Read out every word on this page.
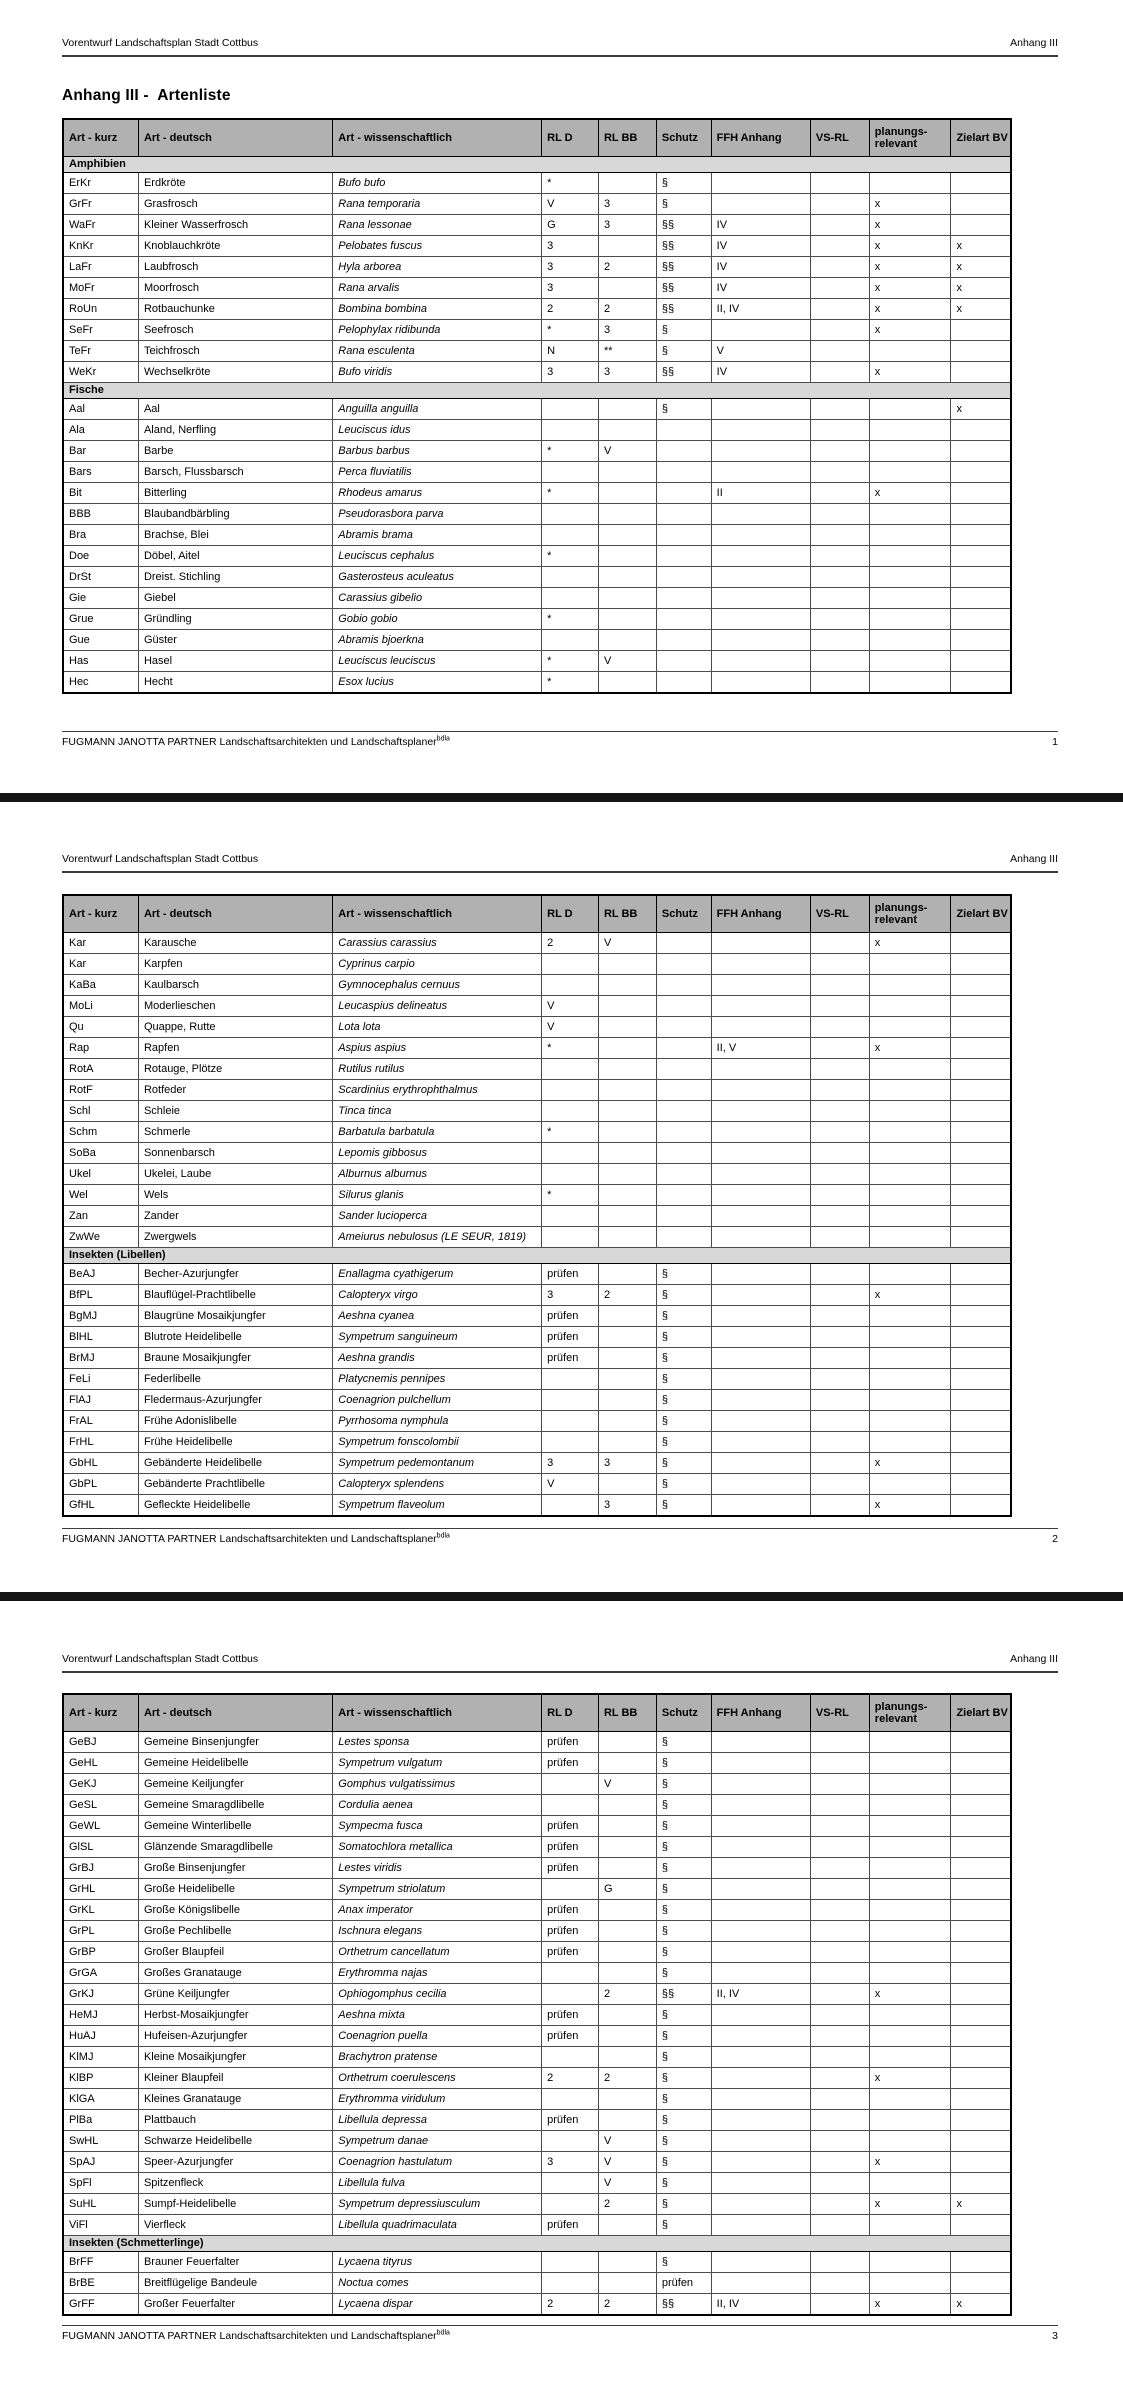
Vorentwurf Landschaftsplan Stadt Cottbus	Anhang III
Anhang III -  Artenliste
Art - kurz	Art - deutsch	Art - wissenschaftlich	RL D	RL BB	Schutz	FFH Anhang	VS-RL	planungs-relevant	Zielart BV
Amphibien									
ErKr	Erdkröte	Bufo bufo	*		§				
GrFr	Grasfrosch	Rana temporaria	V	3	§			x	
WaFr	Kleiner Wasserfrosch	Rana lessonae	G	3	§§	IV		x	
KnKr	Knoblauchkröte	Pelobates fuscus	3		§§	IV		x	x
LaFr	Laubfrosch	Hyla arborea	3	2	§§	IV		x	x
MoFr	Moorfrosch	Rana arvalis	3		§§	IV		x	x
RoUn	Rotbauchunke	Bombina bombina	2	2	§§	II, IV		x	x
SeFr	Seefrosch	Pelophylax ridibunda	*	3	§			x	
TeFr	Teichfrosch	Rana esculenta	N	**	§	V			
WeKr	Wechselkröte	Bufo viridis	3	3	§§	IV		x	
Fische									
Aal	Aal	Anguilla anguilla			§				x
Ala	Aland, Nerfling	Leuciscus idus							
Bar	Barbe	Barbus barbus	*	V					
Bars	Barsch, Flussbarsch	Perca fluviatilis							
Bit	Bitterling	Rhodeus amarus	*			II		x	
BBB	Blaubandbärbling	Pseudorasbora parva							
Bra	Brachse, Blei	Abramis brama							
Doe	Döbel, Aitel	Leuciscus cephalus	*						
DrSt	Dreist. Stichling	Gasterosteus aculeatus							
Gie	Giebel	Carassius gibelio							
Grue	Gründling	Gobio gobio	*						
Gue	Güster	Abramis bjoerkna							
Has	Hasel	Leuciscus leuciscus	*	V					
Hec	Hecht	Esox lucius	*						
FUGMANN JANOTTA PARTNER Landschaftsarchitekten und Landschaftsplaner$^{bdla}$	1
Vorentwurf Landschaftsplan Stadt Cottbus	Anhang III
Art - kurz	Art - deutsch	Art - wissenschaftlich	RL D	RL BB	Schutz	FFH Anhang	VS-RL	planungs-relevant	Zielart BV
Kar	Karausche	Carassius carassius	2	V				x	
Kar	Karpfen	Cyprinus carpio							
KaBa	Kaulbarsch	Gymnocephalus cernuus							
MoLi	Moderlieschen	Leucaspius delineatus	V						
Qu	Quappe, Rutte	Lota lota	V						
Rap	Rapfen	Aspius aspius	*			II, V		x	
RotA	Rotauge, Plötze	Rutilus rutilus							
RotF	Rotfeder	Scardinius erythrophthalmus							
Schl	Schleie	Tinca tinca							
Schm	Schmerle	Barbatula barbatula	*						
SoBa	Sonnenbarsch	Lepomis gibbosus							
Ukel	Ukelei, Laube	Alburnus alburnus							
Wel	Wels	Silurus glanis	*						
Zan	Zander	Sander lucioperca							
ZwWe	Zwergwels	Ameiurus nebulosus (LE SEUR, 1819)							
Insekten (Libellen)									
BeAJ	Becher-Azurjungfer	Enallagma cyathigerum	prüfen		§				
BfPL	Blauflügel-Prachtlibelle	Calopteryx virgo	3	2	§			x	
BgMJ	Blaugrüne Mosaikjungfer	Aeshna cyanea	prüfen		§				
BlHL	Blutrote Heidelibelle	Sympetrum sanguineum	prüfen		§				
BrMJ	Braune Mosaikjungfer	Aeshna grandis	prüfen		§				
FeLi	Federlibelle	Platycnemis pennipes			§				
FlAJ	Fledermaus-Azurjungfer	Coenagrion pulchellum			§				
FrAL	Frühe Adonislibelle	Pyrrhosoma nymphula			§				
FrHL	Frühe Heidelibelle	Sympetrum fonscolombii			§				
GbHL	Gebänderte Heidelibelle	Sympetrum pedemontanum	3	3	§			x	
GbPL	Gebänderte Prachtlibelle	Calopteryx splendens	V		§				
GfHL	Gefleckte Heidelibelle	Sympetrum flaveolum		3	§			x	
FUGMANN JANOTTA PARTNER Landschaftsarchitekten und Landschaftsplaner$^{bdla}$	2
Vorentwurf Landschaftsplan Stadt Cottbus	Anhang III
Art - kurz	Art - deutsch	Art - wissenschaftlich	RL D	RL BB	Schutz	FFH Anhang	VS-RL	planungs-relevant	Zielart BV
GeBJ	Gemeine Binsenjungfer	Lestes sponsa	prüfen		§				
GeHL	Gemeine Heidelibelle	Sympetrum vulgatum	prüfen		§				
GeKJ	Gemeine Keiljungfer	Gomphus vulgatissimus		V	§				
GeSL	Gemeine Smaragdlibelle	Cordulia aenea			§				
GeWL	Gemeine Winterlibelle	Sympecma fusca	prüfen		§				
GlSL	Glänzende Smaragdlibelle	Somatochlora metallica	prüfen		§				
GrBJ	Große Binsenjungfer	Lestes viridis	prüfen		§				
GrHL	Große Heidelibelle	Sympetrum striolatum		G	§				
GrKL	Große Königslibelle	Anax imperator	prüfen		§				
GrPL	Große Pechlibelle	Ischnura elegans	prüfen		§				
GrBP	Großer Blaupfeil	Orthetrum cancellatum	prüfen		§				
GrGA	Großes Granatauge	Erythromma najas			§				
GrKJ	Grüne Keiljungfer	Ophiogomphus cecilia		2	§§	II, IV		x	
HeMJ	Herbst-Mosaikjungfer	Aeshna mixta	prüfen		§				
HuAJ	Hufeisen-Azurjungfer	Coenagrion puella	prüfen		§				
KlMJ	Kleine Mosaikjungfer	Brachytron pratense			§				
KlBP	Kleiner Blaupfeil	Orthetrum coerulescens	2	2	§			x	
KlGA	Kleines Granatauge	Erythromma viridulum			§				
PlBa	Plattbauch	Libellula depressa	prüfen		§				
SwHL	Schwarze Heidelibelle	Sympetrum danae		V	§				
SpAJ	Speer-Azurjungfer	Coenagrion hastulatum	3	V	§			x	
SpFl	Spitzenfleck	Libellula fulva		V	§				
SuHL	Sumpf-Heidelibelle	Sympetrum depressiusculum		2	§			x	x
ViFl	Vierfleck	Libellula quadrimaculata	prüfen		§				
Insekten (Schmetterlinge)									
BrFF	Brauner Feuerfalter	Lycaena tityrus			§				
BrBE	Breitflügelige Bandeule	Noctua comes			prüfen				
GrFF	Großer Feuerfalter	Lycaena dispar	2	2	§§	II, IV		x	x
FUGMANN JANOTTA PARTNER Landschaftsarchitekten und Landschaftsplaner$^{bdla}$	3
